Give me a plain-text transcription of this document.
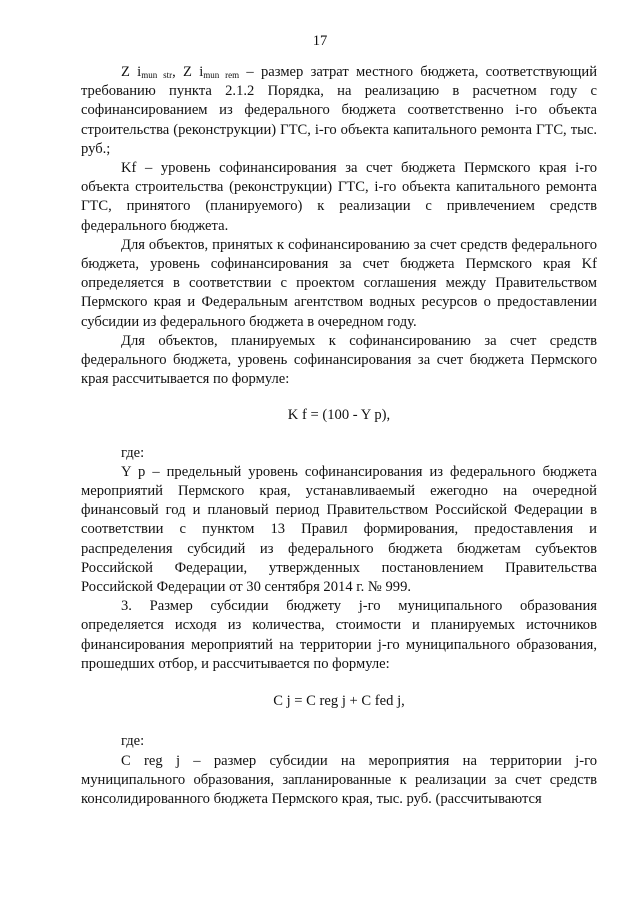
17

Z $i_{mun str}$, Z $i_{mun rem}$ – размер затрат местного бюджета, соответствующий требованию пункта 2.1.2 Порядка, на реализацию в расчетном году с софинансированием из федерального бюджета соответственно i-го объекта строительства (реконструкции) ГТС, i-го объекта капитального ремонта ГТС, тыс. руб.;

Kf – уровень софинансирования за счет бюджета Пермского края i-го объекта строительства (реконструкции) ГТС, i-го объекта капитального ремонта ГТС, принятого (планируемого) к реализации с привлечением средств федерального бюджета.

Для объектов, принятых к софинансированию за счет средств федерального бюджета, уровень софинансирования за счет бюджета Пермского края Kf определяется в соответствии с проектом соглашения между Правительством Пермского края и Федеральным агентством водных ресурсов о предоставлении субсидии из федерального бюджета в очередном году.

Для объектов, планируемых к софинансированию за счет средств федерального бюджета, уровень софинансирования за счет бюджета Пермского края рассчитывается по формуле:

K f = (100 - Y p),

где:

Y p – предельный уровень софинансирования из федерального бюджета мероприятий Пермского края, устанавливаемый ежегодно на очередной финансовый год и плановый период Правительством Российской Федерации в соответствии с пунктом 13 Правил формирования, предоставления и распределения субсидий из федерального бюджета бюджетам субъектов Российской Федерации, утвержденных постановлением Правительства Российской Федерации от 30 сентября 2014 г. № 999.

3. Размер субсидии бюджету j-го муниципального образования определяется исходя из количества, стоимости и планируемых источников финансирования мероприятий на территории j-го муниципального образования, прошедших отбор, и рассчитывается по формуле:

C j = C reg j + C fed j,

где:

C reg j – размер субсидии на мероприятия на территории j-го муниципального образования, запланированные к реализации за счет средств консолидированного бюджета Пермского края, тыс. руб. (рассчитываются
